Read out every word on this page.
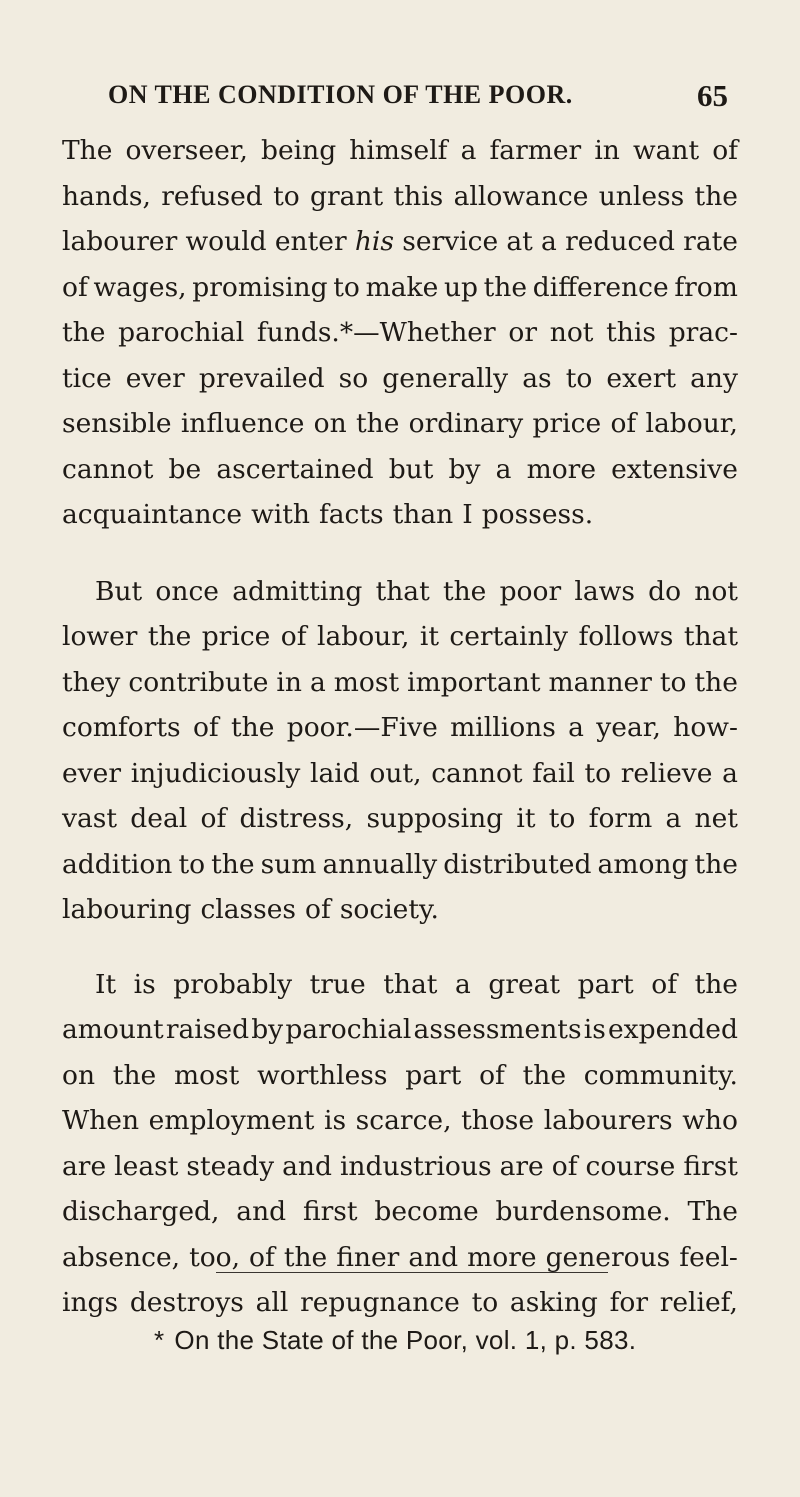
ON THE CONDITION OF THE POOR.	65
The overseer, being himself a farmer in want of
hands, refused to grant this allowance unless the
labourer would enter his service at a reduced rate
of wages, promising to make up the difference from
the parochial funds.*—Whether or not this prac-
tice ever prevailed so generally as to exert any
sensible influence on the ordinary price of labour,
cannot be ascertained but by a more extensive
acquaintance with facts than I possess.
But once admitting that the poor laws do not
lower the price of labour, it certainly follows that
they contribute in a most important manner to the
comforts of the poor.—Five millions a year, how-
ever injudiciously laid out, cannot fail to relieve a
vast deal of distress, supposing it to form a net
addition to the sum annually distributed among the
labouring classes of society.
It is probably true that a great part of the
amount raised by parochial assessments is expended
on the most worthless part of the community.
When employment is scarce, those labourers who
are least steady and industrious are of course first
discharged, and first become burdensome. The
absence, too, of the finer and more generous feel-
ings destroys all repugnance to asking for relief,
* On the State of the Poor, vol. 1, p. 583.
